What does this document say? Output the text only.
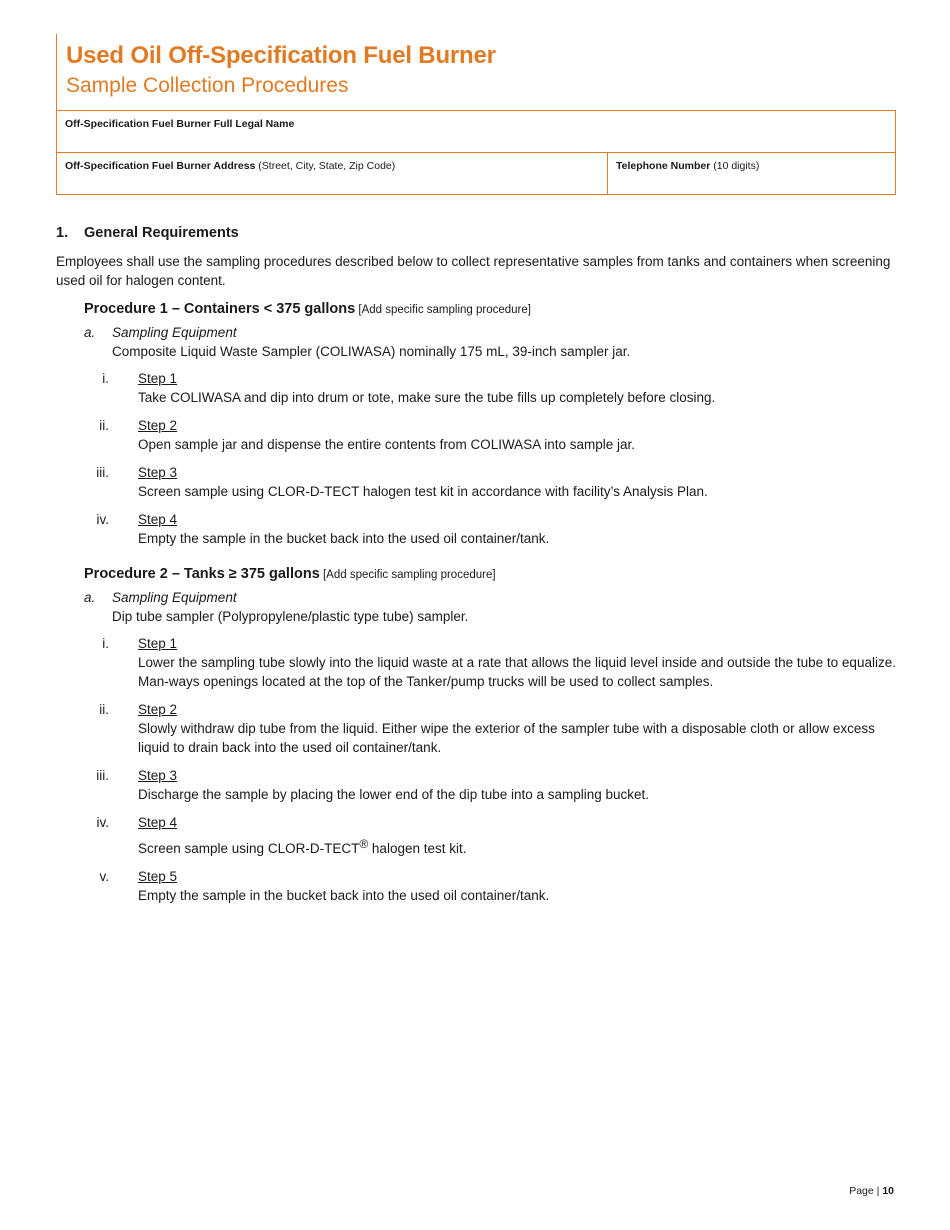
Used Oil Off-Specification Fuel Burner
Sample Collection Procedures
Off-Specification Fuel Burner Full Legal Name
Off-Specification Fuel Burner Address (Street, City, State, Zip Code)	Telephone Number (10 digits)
1.	General Requirements

Employees shall use the sampling procedures described below to collect representative samples from tanks and containers when screening used oil for halogen content.

Procedure 1 – Containers < 375 gallons [Add specific sampling procedure]
a.	Sampling Equipment
Composite Liquid Waste Sampler (COLIWASA) nominally 175 mL, 39-inch sampler jar.
i.	Step 1
Take COLIWASA and dip into drum or tote, make sure the tube fills up completely before closing.
ii.	Step 2
Open sample jar and dispense the entire contents from COLIWASA into sample jar.
iii.	Step 3
Screen sample using CLOR-D-TECT halogen test kit in accordance with facility’s Analysis Plan.
iv.	Step 4
Empty the sample in the bucket back into the used oil container/tank.
Procedure 2 – Tanks ≥ 375 gallons [Add specific sampling procedure]
a.	Sampling Equipment
Dip tube sampler (Polypropylene/plastic type tube) sampler.
i.	Step 1
Lower the sampling tube slowly into the liquid waste at a rate that allows the liquid level inside and outside the tube to equalize. Man-ways openings located at the top of the Tanker/pump trucks will be used to collect samples.
ii.	Step 2
Slowly withdraw dip tube from the liquid. Either wipe the exterior of the sampler tube with a disposable cloth or allow excess liquid to drain back into the used oil container/tank.
iii.	Step 3
Discharge the sample by placing the lower end of the dip tube into a sampling bucket.
iv.	Step 4
Screen sample using CLOR-D-TECT® halogen test kit.
v.	Step 5
Empty the sample in the bucket back into the used oil container/tank.
Page | 10
